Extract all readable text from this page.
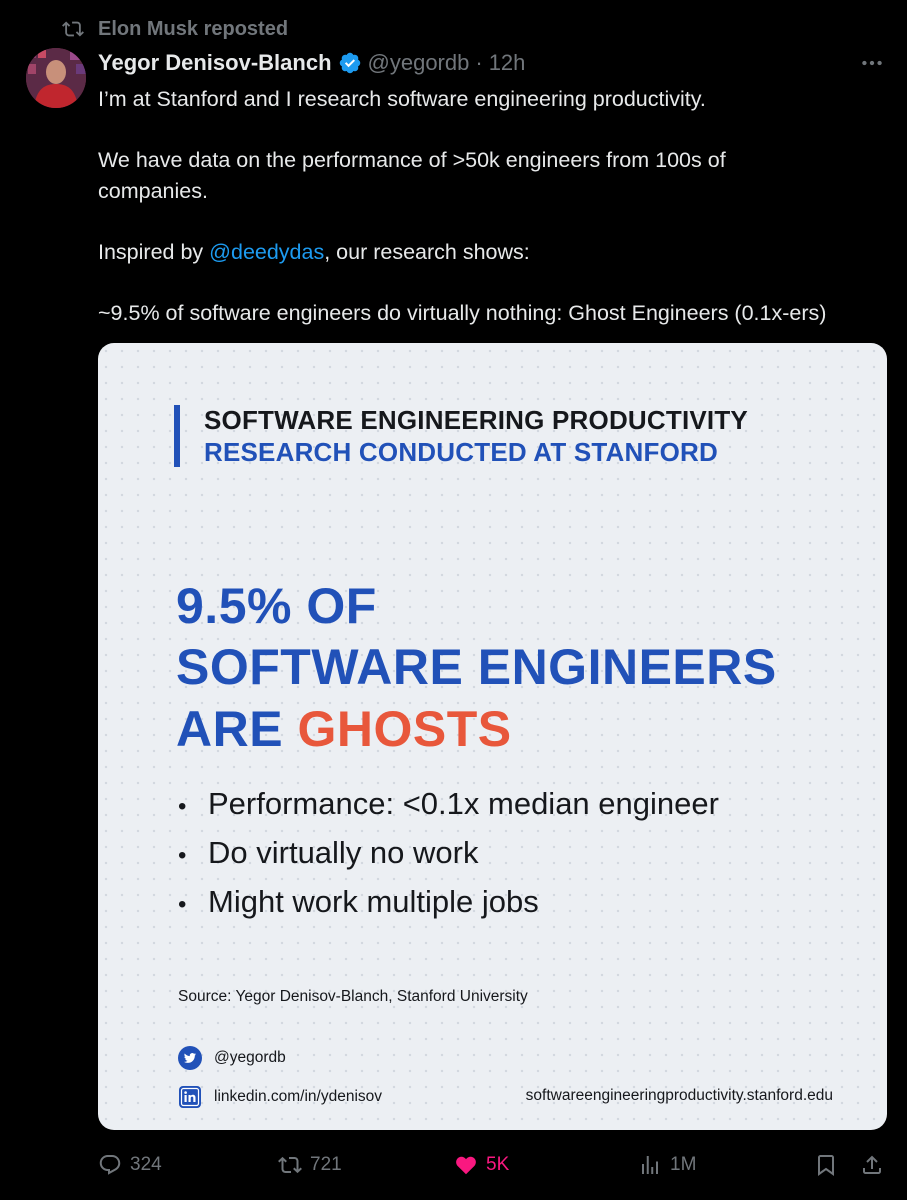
Elon Musk reposted
Yegor Denisov-Blanch @yegordb · 12h

I’m at Stanford and I research software engineering productivity.

We have data on the performance of >50k engineers from 100s of

companies.

Inspired by @deedydas, our research shows:

~9.5% of software engineers do virtually nothing: Ghost Engineers (0.1x-ers)

SOFTWARE ENGINEERING PRODUCTIVITY
RESEARCH CONDUCTED AT STANFORD
9.5% OF
SOFTWARE ENGINEERS
ARE GHOSTS
• Performance: <0.1x median engineer
• Do virtually no work
• Might work multiple jobs
Source: Yegor Denisov-Blanch, Stanford University
@yegordb
linkedin.com/in/ydenisov	softwareengineeringproductivity.stanford.edu
324	721	5K	1M
